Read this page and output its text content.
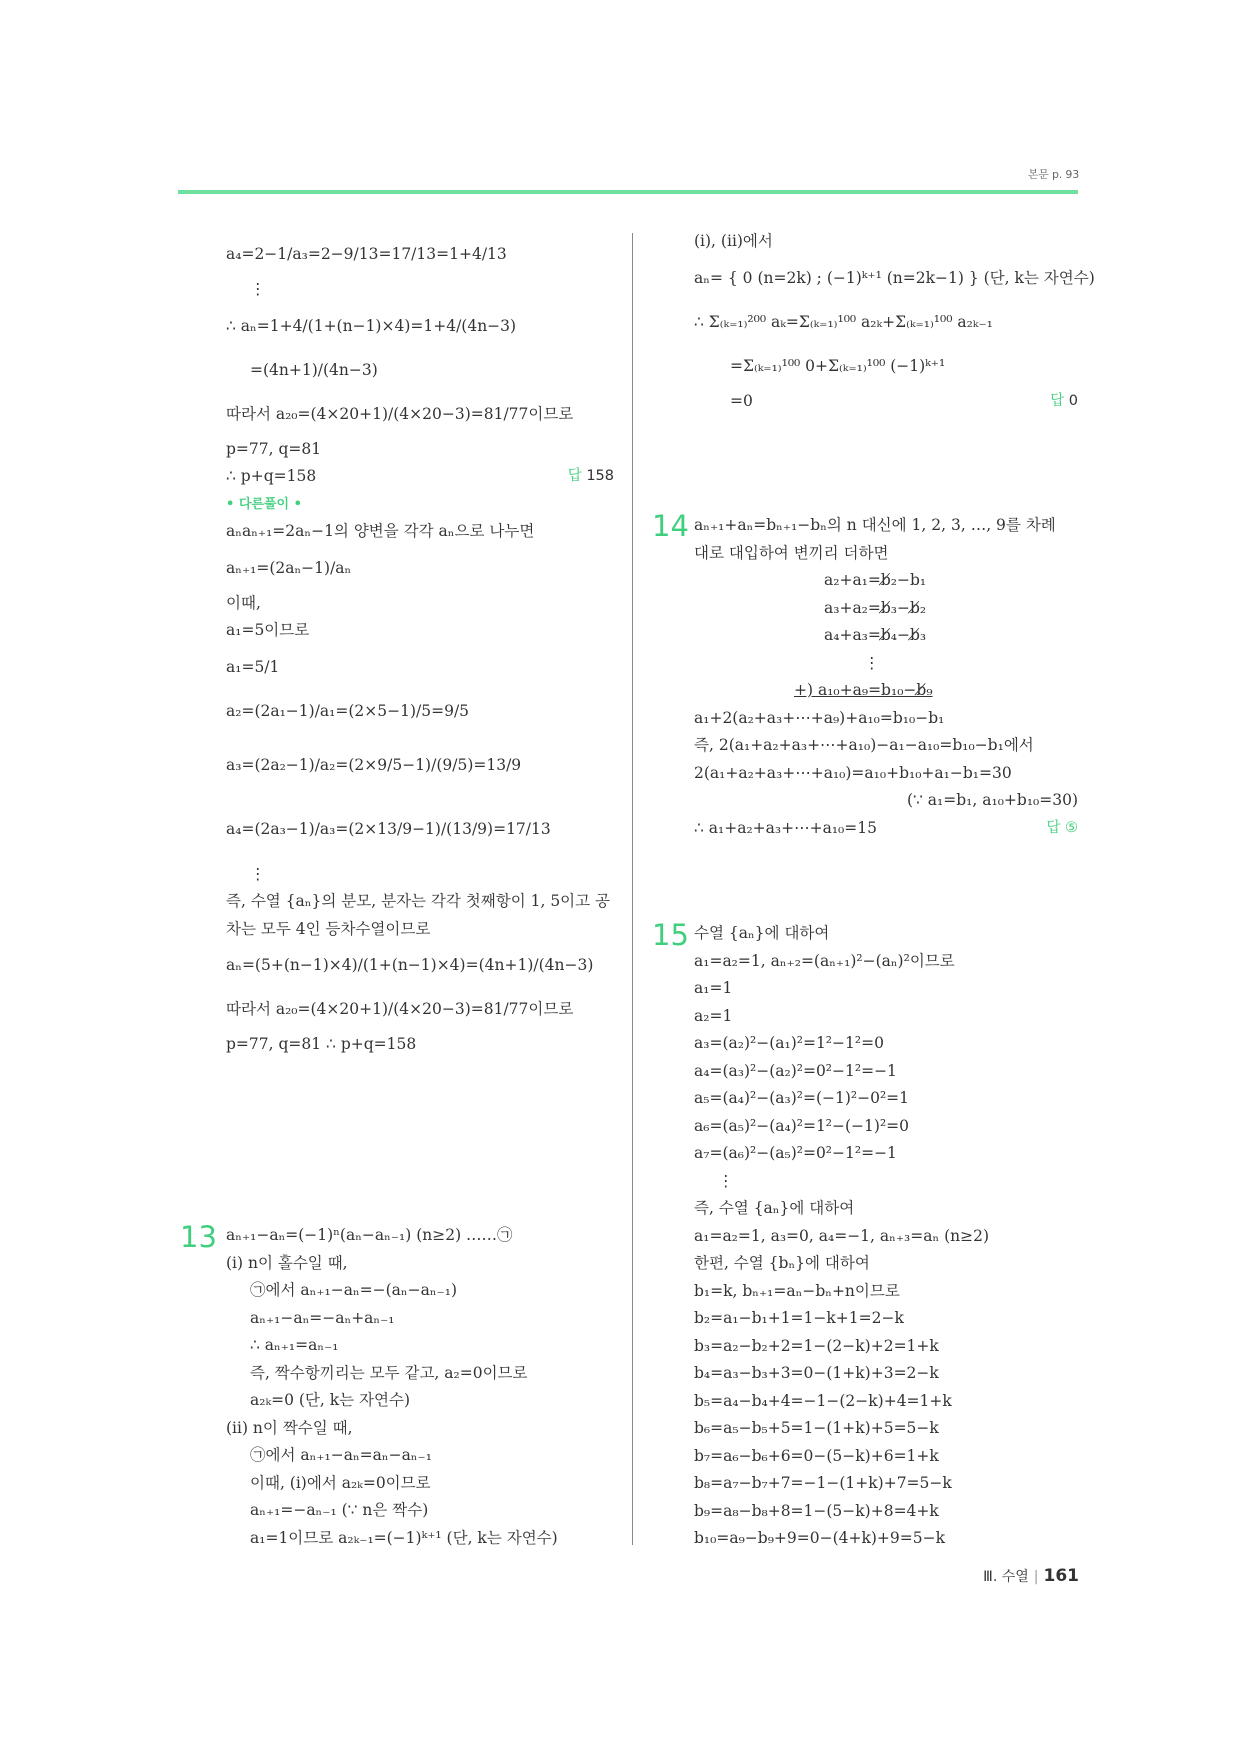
본문 p. 93
a₄=2−1/a₃=2−9/13=17/13=1+4/13
⋮
∴ aₙ=1+4/(1+(n−1)×4)=1+4/(4n−3)
=(4n+1)/(4n−3)
따라서 a₂₀=(4×20+1)/(4×20−3)=81/77이므로
p=77, q=81
∴ p+q=158	답 158
• 다른풀이 •
aₙaₙ₊₁=2aₙ−1의 양변을 각각 aₙ으로 나누면
aₙ₊₁=(2aₙ−1)/aₙ
이때,
a₁=5이므로
a₁=5/1
a₂=(2a₁−1)/a₁=(2×5−1)/5=9/5
a₃=(2a₂−1)/a₂=(2×9/5−1)/(9/5)=13/9
a₄=(2a₃−1)/a₃=(2×13/9−1)/(13/9)=17/13
⋮
즉, 수열 {aₙ}의 분모, 분자는 각각 첫째항이 1, 5이고 공
차는 모두 4인 등차수열이므로
aₙ=(5+(n−1)×4)/(1+(n−1)×4)=(4n+1)/(4n−3)
따라서 a₂₀=(4×20+1)/(4×20−3)=81/77이므로
p=77, q=81 ∴ p+q=158
13 aₙ₊₁−aₙ=(−1)ⁿ(aₙ−aₙ₋₁) (n≥2) ……㉠
(ⅰ) n이 홀수일 때,
㉠에서 aₙ₊₁−aₙ=−(aₙ−aₙ₋₁)
aₙ₊₁−aₙ=−aₙ+aₙ₋₁
∴ aₙ₊₁=aₙ₋₁
즉, 짝수항끼리는 모두 같고, a₂=0이므로
a₂ₖ=0 (단, k는 자연수)
(ⅱ) n이 짝수일 때,
㉠에서 aₙ₊₁−aₙ=aₙ−aₙ₋₁
이때, (ⅰ)에서 a₂ₖ=0이므로
aₙ₊₁=−aₙ₋₁ (∵ n은 짝수)
a₁=1이므로 a₂ₖ₋₁=(−1)ᵏ⁺¹ (단, k는 자연수)
(ⅰ), (ⅱ)에서
aₙ= { 0 (n=2k) ; (−1)ᵏ⁺¹ (n=2k−1) } (단, k는 자연수)
∴ Σ₍ₖ₌₁₎²⁰⁰ aₖ=Σ₍ₖ₌₁₎¹⁰⁰ a₂ₖ+Σ₍ₖ₌₁₎¹⁰⁰ a₂ₖ₋₁
=Σ₍ₖ₌₁₎¹⁰⁰ 0+Σ₍ₖ₌₁₎¹⁰⁰ (−1)ᵏ⁺¹
=0	답 0
14 aₙ₊₁+aₙ=bₙ₊₁−bₙ의 n 대신에 1, 2, 3, …, 9를 차례
대로 대입하여 변끼리 더하면
a₂+a₁=b̸₂−b₁
a₃+a₂=b̸₃−b̸₂
a₄+a₃=b̸₄−b̸₃
⋮
+) a₁₀+a₉=b₁₀−b̸₉
a₁+2(a₂+a₃+⋯+a₉)+a₁₀=b₁₀−b₁
즉, 2(a₁+a₂+a₃+⋯+a₁₀)−a₁−a₁₀=b₁₀−b₁에서
2(a₁+a₂+a₃+⋯+a₁₀)=a₁₀+b₁₀+a₁−b₁=30
(∵ a₁=b₁, a₁₀+b₁₀=30)
∴ a₁+a₂+a₃+⋯+a₁₀=15	답 ⑤
15 수열 {aₙ}에 대하여
a₁=a₂=1, aₙ₊₂=(aₙ₊₁)²−(aₙ)²이므로
a₁=1
a₂=1
a₃=(a₂)²−(a₁)²=1²−1²=0
a₄=(a₃)²−(a₂)²=0²−1²=−1
a₅=(a₄)²−(a₃)²=(−1)²−0²=1
a₆=(a₅)²−(a₄)²=1²−(−1)²=0
a₇=(a₆)²−(a₅)²=0²−1²=−1
⋮
즉, 수열 {aₙ}에 대하여
a₁=a₂=1, a₃=0, a₄=−1, aₙ₊₃=aₙ (n≥2)
한편, 수열 {bₙ}에 대하여
b₁=k, bₙ₊₁=aₙ−bₙ+n이므로
b₂=a₁−b₁+1=1−k+1=2−k
b₃=a₂−b₂+2=1−(2−k)+2=1+k
b₄=a₃−b₃+3=0−(1+k)+3=2−k
b₅=a₄−b₄+4=−1−(2−k)+4=1+k
b₆=a₅−b₅+5=1−(1+k)+5=5−k
b₇=a₆−b₆+6=0−(5−k)+6=1+k
b₈=a₇−b₇+7=−1−(1+k)+7=5−k
b₉=a₈−b₈+8=1−(5−k)+8=4+k
b₁₀=a₉−b₉+9=0−(4+k)+9=5−k
Ⅲ. 수열 | 161
